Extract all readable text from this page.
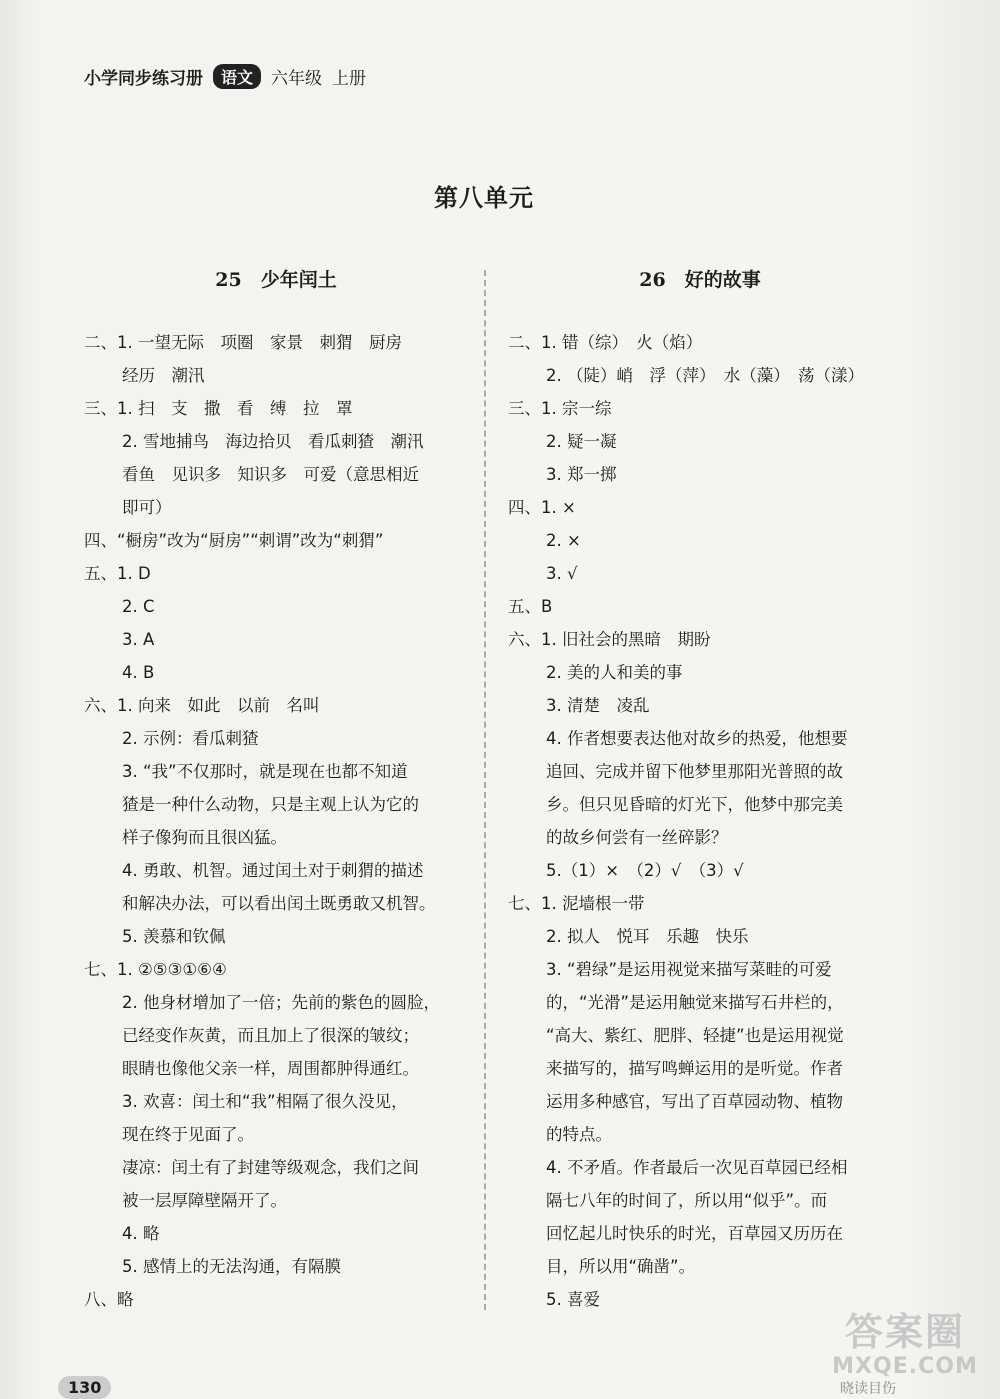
小学同步练习册	语文	六年级 上册
第八单元
25　少年闰土
二、1. 一望无际　项圈　家景　刺猬　厨房
经历　潮汛
三、1. 扫　支　撒　看　缚　拉　罩
2. 雪地捕鸟　海边拾贝　看瓜刺猹　潮汛
看鱼　见识多　知识多　可爱（意思相近
即可）
四、“橱房”改为“厨房”“刺谓”改为“刺猬”
五、1. D
2. C
3. A
4. B
六、1. 向来　如此　以前　名叫
2. 示例：看瓜刺猹
3. “我”不仅那时，就是现在也都不知道
猹是一种什么动物，只是主观上认为它的
样子像狗而且很凶猛。
4. 勇敢、机智。通过闰土对于刺猬的描述
和解决办法，可以看出闰土既勇敢又机智。
5. 羡慕和钦佩
七、1. ②⑤③①⑥④
2. 他身材增加了一倍；先前的紫色的圆脸，
已经变作灰黄，而且加上了很深的皱纹；
眼睛也像他父亲一样，周围都肿得通红。
3. 欢喜：闰土和“我”相隔了很久没见，
现在终于见面了。
凄凉：闰土有了封建等级观念，我们之间
被一层厚障壁隔开了。
4. 略
5. 感情上的无法沟通，有隔膜
八、略
26　好的故事
二、1. 错（综）　火（焰）
2. （陡）峭　浮（萍）　水（藻）　荡（漾）
三、1. 宗一综
2. 疑一凝
3. 郑一掷
四、1. ×
2. ×
3. √
五、B
六、1. 旧社会的黑暗　期盼
2. 美的人和美的事
3. 清楚　凌乱
4. 作者想要表达他对故乡的热爱，他想要
追回、完成并留下他梦里那阳光普照的故
乡。但只见昏暗的灯光下，他梦中那完美
的故乡何尝有一丝碎影？
5.（1）×　（2）√　（3）√
七、1. 泥墙根一带
2. 拟人　悦耳　乐趣　快乐
3. “碧绿”是运用视觉来描写菜畦的可爱
的，“光滑”是运用触觉来描写石井栏的，
“高大、紫红、肥胖、轻捷”也是运用视觉
来描写的，描写鸣蝉运用的是听觉。作者
运用多种感官，写出了百草园动物、植物
的特点。
4. 不矛盾。作者最后一次见百草园已经相
隔七八年的时间了，所以用“似乎”。而
回忆起儿时快乐的时光，百草园又历历在
目，所以用“确凿”。
5. 喜爱
130
答案圈
MXQE.COM
晓读目伤
